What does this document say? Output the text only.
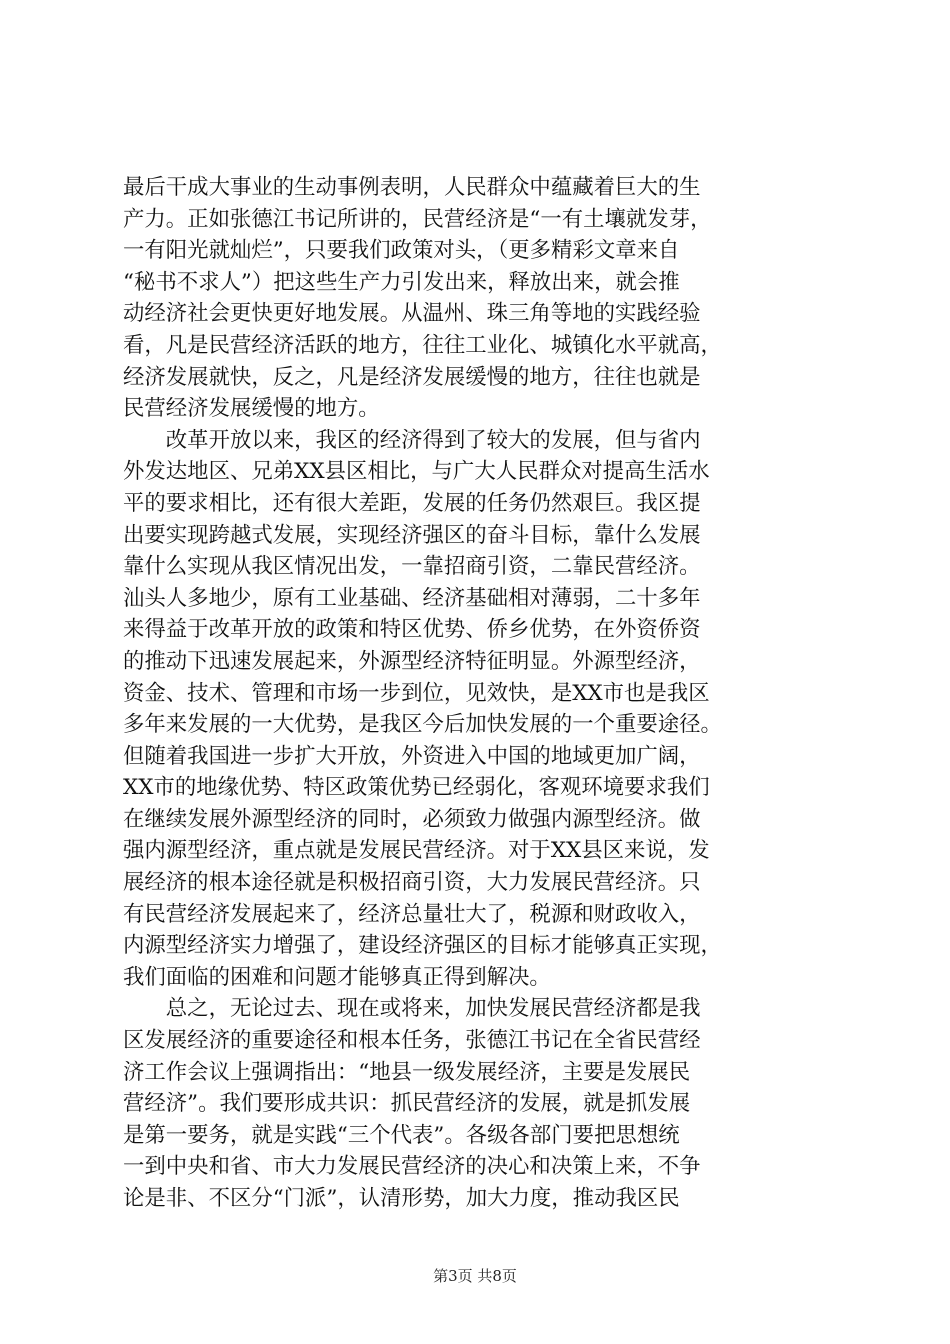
最后干成大事业的生动事例表明，人民群众中蕴藏着巨大的生
产力。正如张德江书记所讲的，民营经济是“一有土壤就发芽，
一有阳光就灿烂”，只要我们政策对头，（更多精彩文章来自
“秘书不求人”）把这些生产力引发出来，释放出来，就会推
动经济社会更快更好地发展。从温州、珠三角等地的实践经验
看，凡是民营经济活跃的地方，往往工业化、城镇化水平就高，
经济发展就快，反之，凡是经济发展缓慢的地方，往往也就是
民营经济发展缓慢的地方。
　　改革开放以来，我区的经济得到了较大的发展，但与省内
外发达地区、兄弟XX县区相比，与广大人民群众对提高生活水
平的要求相比，还有很大差距，发展的任务仍然艰巨。我区提
出要实现跨越式发展，实现经济强区的奋斗目标，靠什么发展
靠什么实现从我区情况出发，一靠招商引资，二靠民营经济。
汕头人多地少，原有工业基础、经济基础相对薄弱，二十多年
来得益于改革开放的政策和特区优势、侨乡优势，在外资侨资
的推动下迅速发展起来，外源型经济特征明显。外源型经济，
资金、技术、管理和市场一步到位，见效快，是XX市也是我区
多年来发展的一大优势，是我区今后加快发展的一个重要途径。
但随着我国进一步扩大开放，外资进入中国的地域更加广阔，
XX市的地缘优势、特区政策优势已经弱化，客观环境要求我们
在继续发展外源型经济的同时，必须致力做强内源型经济。做
强内源型经济，重点就是发展民营经济。对于XX县区来说，发
展经济的根本途径就是积极招商引资，大力发展民营经济。只
有民营经济发展起来了，经济总量壮大了，税源和财政收入，
内源型经济实力增强了，建设经济强区的目标才能够真正实现，
我们面临的困难和问题才能够真正得到解决。
　　总之，无论过去、现在或将来，加快发展民营经济都是我
区发展经济的重要途径和根本任务，张德江书记在全省民营经
济工作会议上强调指出：“地县一级发展经济，主要是发展民
营经济”。我们要形成共识：抓民营经济的发展，就是抓发展
是第一要务，就是实践“三个代表”。各级各部门要把思想统
一到中央和省、市大力发展民营经济的决心和决策上来，不争
论是非、不区分“门派”，认清形势，加大力度，推动我区民
第3页 共8页
